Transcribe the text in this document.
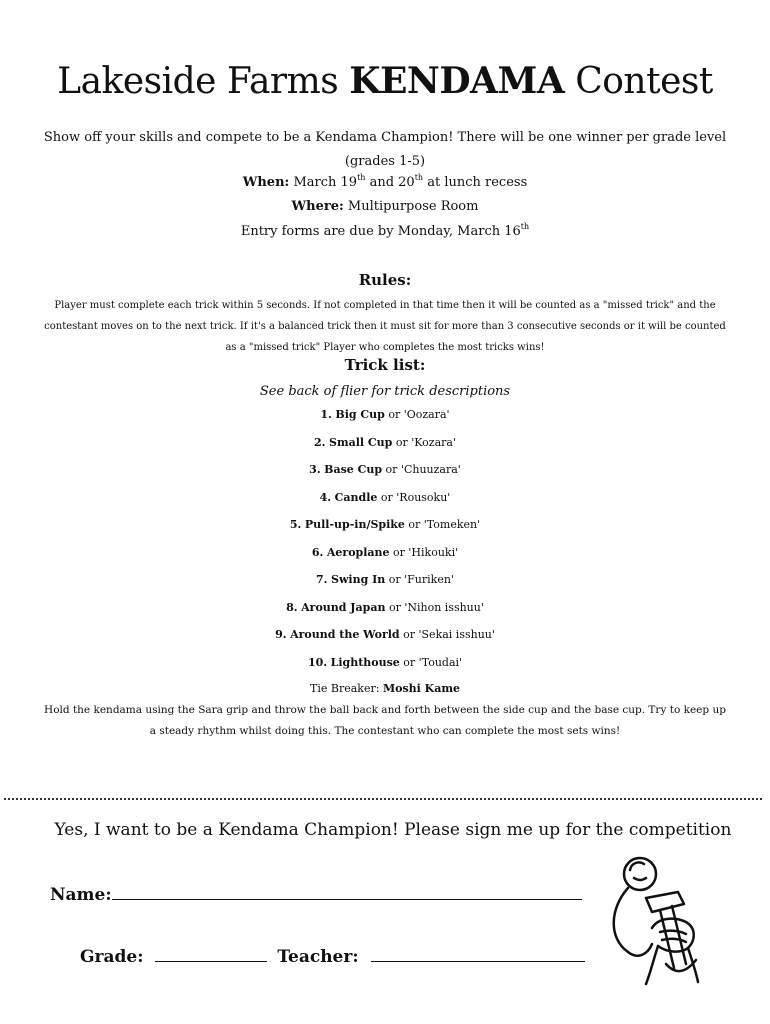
Lakeside Farms KENDAMA Contest
Show off your skills and compete to be a Kendama Champion! There will be one winner per grade level (grades 1-5)
When: March 19th and 20th at lunch recess
Where: Multipurpose Room
Entry forms are due by Monday, March 16th
Rules:
Player must complete each trick within 5 seconds. If not completed in that time then it will be counted as a "missed trick" and the contestant moves on to the next trick. If it's a balanced trick then it must sit for more than 3 consecutive seconds or it will be counted as a "missed trick" Player who completes the most tricks wins!
Trick list:
See back of flier for trick descriptions
1. Big Cup or 'Oozara'
2. Small Cup or 'Kozara'
3. Base Cup or 'Chuuzara'
4. Candle or 'Rousoku'
5. Pull-up-in/Spike or 'Tomeken'
6. Aeroplane or 'Hikouki'
7. Swing In or 'Furiken'
8. Around Japan or 'Nihon isshuu'
9. Around the World or 'Sekai isshuu'
10. Lighthouse or 'Toudai'
Tie Breaker: Moshi Kame
Hold the kendama using the Sara grip and throw the ball back and forth between the side cup and the base cup. Try to keep up a steady rhythm whilst doing this. The contestant who can complete the most sets wins!
Yes, I want to be a Kendama Champion! Please sign me up for the competition
Name:
Grade:	Teacher:
